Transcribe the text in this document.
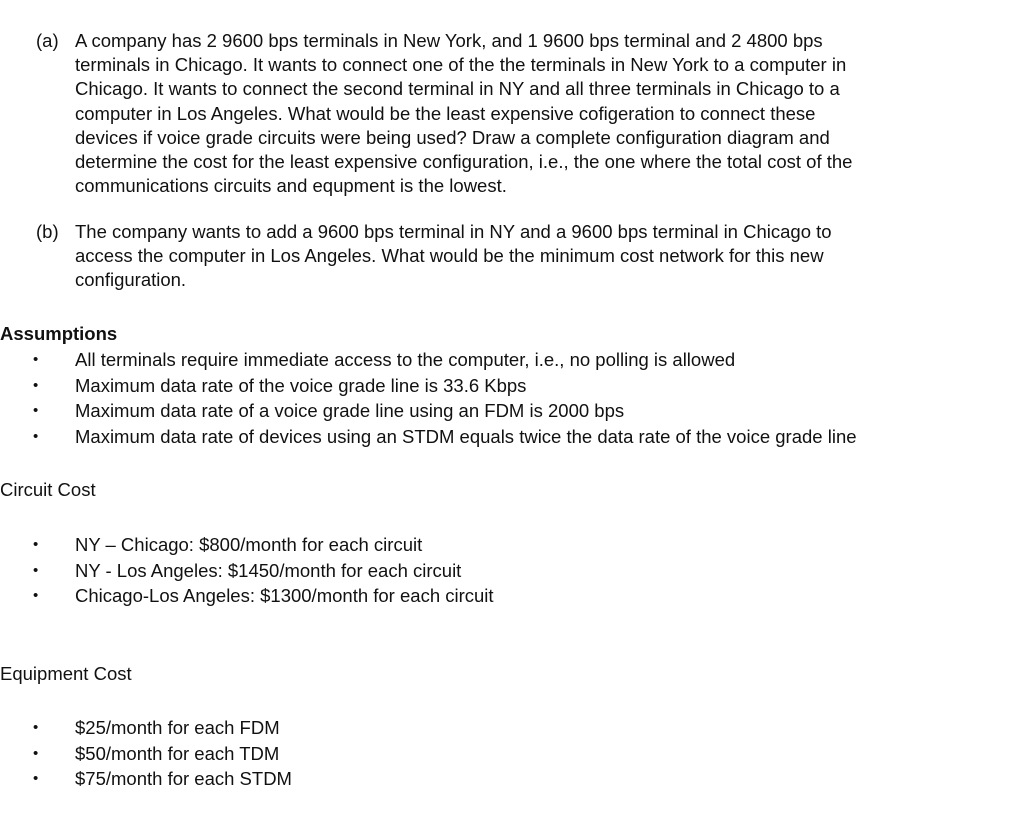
(a) A company has 2 9600 bps terminals in New York, and 1 9600 bps terminal and 2 4800 bps
terminals in Chicago. It wants to connect one of the the terminals in New York to a computer in
Chicago. It wants to connect the second terminal in NY and all three terminals in Chicago to a
computer in Los Angeles. What would be the least expensive cofigeration to connect these
devices if voice grade circuits were being used? Draw a complete configuration diagram and
determine the cost for the least expensive configuration, i.e., the one where the total cost of the
communications circuits and equpment is the lowest.
(b) The company wants to add a 9600 bps terminal in NY and a 9600 bps terminal in Chicago to
access the computer in Los Angeles. What would be the minimum cost network for this new
configuration.
Assumptions
• All terminals require immediate access to the computer, i.e., no polling is allowed
• Maximum data rate of the voice grade line is 33.6 Kbps
• Maximum data rate of a voice grade line using an FDM is 2000 bps
• Maximum data rate of devices using an STDM equals twice the data rate of the voice grade line
Circuit Cost
• NY – Chicago: $800/month for each circuit
• NY - Los Angeles: $1450/month for each circuit
• Chicago-Los Angeles: $1300/month for each circuit
Equipment Cost
• $25/month for each FDM
• $50/month for each TDM
• $75/month for each STDM
